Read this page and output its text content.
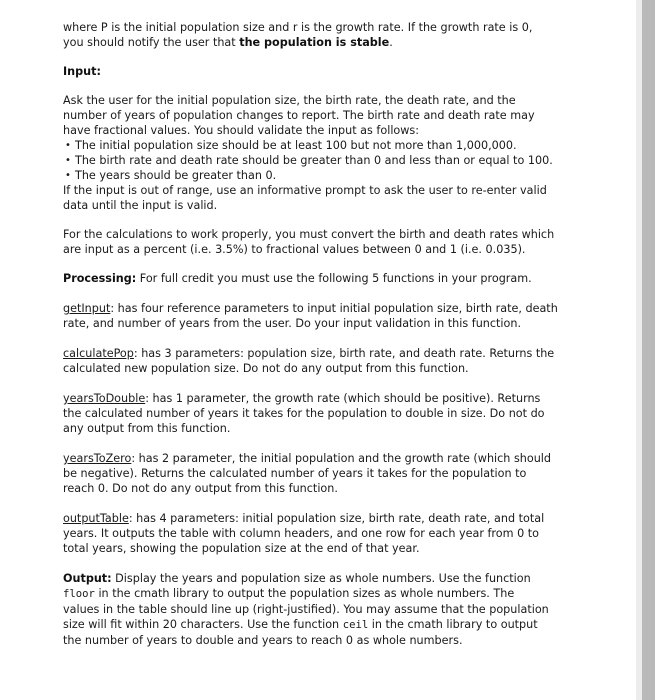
where P is the initial population size and r is the growth rate. If the growth rate is 0,
you should notify the user that the population is stable.

Input:

Ask the user for the initial population size, the birth rate, the death rate, and the
number of years of population changes to report. The birth rate and death rate may
have fractional values. You should validate the input as follows:

• The initial population size should be at least 100 but not more than 1,000,000.
• The birth rate and death rate should be greater than 0 and less than or equal to 100.
• The years should be greater than 0.

If the input is out of range, use an informative prompt to ask the user to re-enter valid
data until the input is valid.

For the calculations to work properly, you must convert the birth and death rates which
are input as a percent (i.e. 3.5%) to fractional values between 0 and 1 (i.e. 0.035).

Processing: For full credit you must use the following 5 functions in your program.

getInput: has four reference parameters to input initial population size, birth rate, death
rate, and number of years from the user. Do your input validation in this function.

calculatePop: has 3 parameters: population size, birth rate, and death rate. Returns the
calculated new population size. Do not do any output from this function.

yearsToDouble: has 1 parameter, the growth rate (which should be positive). Returns
the calculated number of years it takes for the population to double in size. Do not do
any output from this function.

yearsToZero: has 2 parameter, the initial population and the growth rate (which should
be negative). Returns the calculated number of years it takes for the population to
reach 0. Do not do any output from this function.

outputTable: has 4 parameters: initial population size, birth rate, death rate, and total
years. It outputs the table with column headers, and one row for each year from 0 to
total years, showing the population size at the end of that year.

Output: Display the years and population size as whole numbers. Use the function
floor in the cmath library to output the population sizes as whole numbers. The
values in the table should line up (right-justified). You may assume that the population
size will fit within 20 characters. Use the function ceil in the cmath library to output
the number of years to double and years to reach 0 as whole numbers.
